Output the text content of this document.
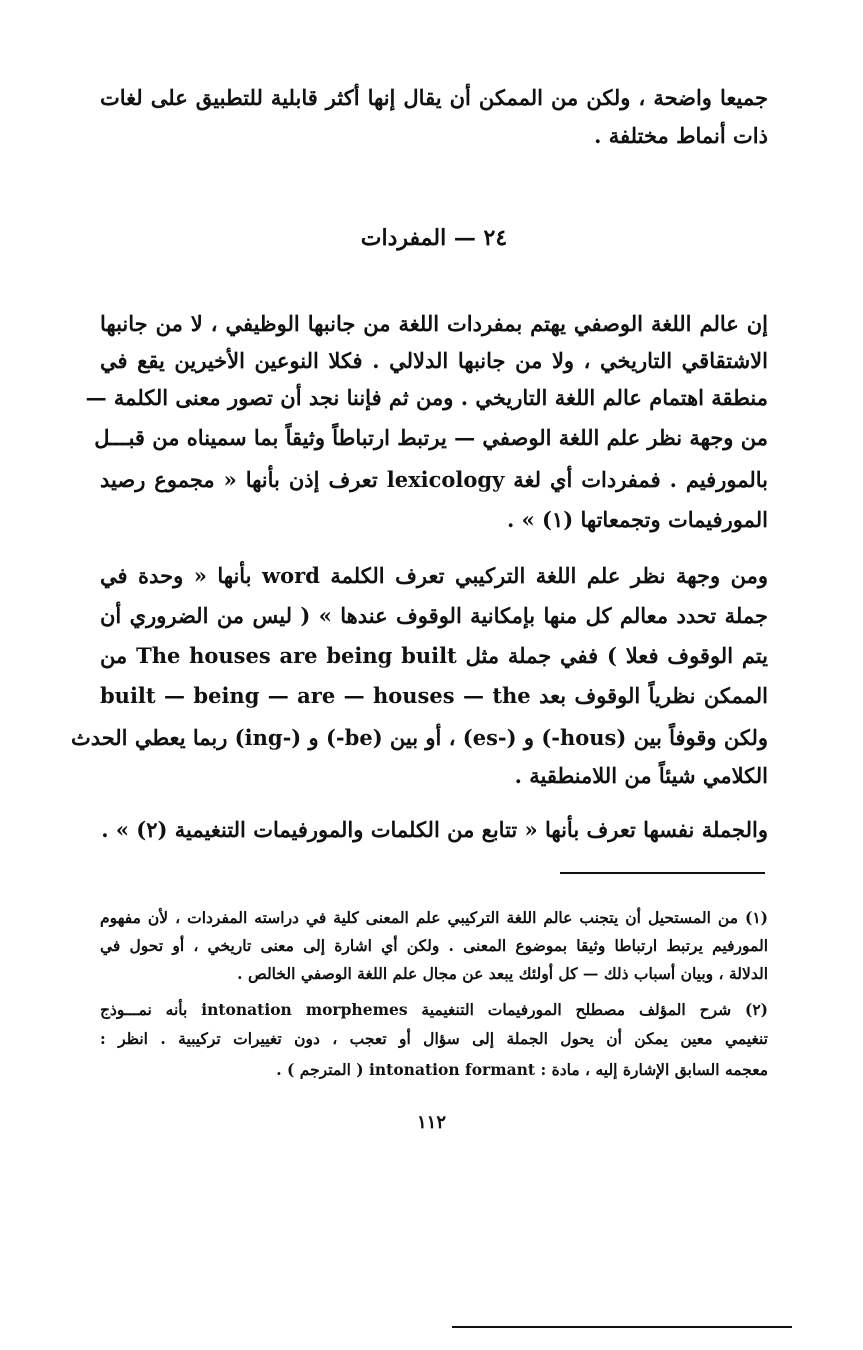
جميعا واضحة ، ولكن من الممكن أن يقال إنها أكثر قابلية للتطبيق على لغات
ذات أنماط مختلفة .
٢٤ — المفردات
إن عالم اللغة الوصفي يهتم بمفردات اللغة من جانبها الوظيفي ، لا من جانبها
الاشتقاقي التاريخي ، ولا من جانبها الدلالي . فكلا النوعين الأخيرين يقع في
منطقة اهتمام عالم اللغة التاريخي . ومن ثم فإننا نجد أن تصور معنى الكلمة —
من وجهة نظر علم اللغة الوصفي — يرتبط ارتباطاً وثيقاً بما سميناه من قبـــل
بالمورفيم . فمفردات أي لغة lexicology تعرف إذن بأنها « مجموع رصيد
المورفيمات وتجمعاتها (١) » .
ومن وجهة نظر علم اللغة التركيبي تعرف الكلمة word بأنها « وحدة في
جملة تحدد معالم كل منها بإمكانية الوقوف عندها » ( ليس من الضروري أن
يتم الوقوف فعلا ) ففي جملة مثل The houses are being built من
الممكن نظرياً الوقوف بعد built — being — are — houses — the
ولكن وقوفاً بين (hous-) و (-es) ، أو بين (be-) و (-ing) ربما يعطي الحدث
الكلامي شيئاً من اللامنطقية .
والجملة نفسها تعرف بأنها « تتابع من الكلمات والمورفيمات التنغيمية (٢) » .
(١) من المستحيل أن يتجنب عالم اللغة التركيبي علم المعنى كلية في دراسته المفردات ، لأن مفهوم
المورفيم يرتبط ارتباطا وثيقا بموضوع المعنى . ولكن أي اشارة إلى معنى تاريخي ، أو تحول في
الدلالة ، وبيان أسباب ذلك — كل أولئك يبعد عن مجال علم اللغة الوصفي الخالص .
(٢) شرح المؤلف مصطلح المورفيمات التنغيمية intonation morphemes بأنه نمـــوذج
تنغيمي معين يمكن أن يحول الجملة إلى سؤال أو تعجب ، دون تغييرات تركيبية . انظر :
معجمه السابق الإشارة إليه ، مادة : intonation formant ( المترجم ) .
١١٢
